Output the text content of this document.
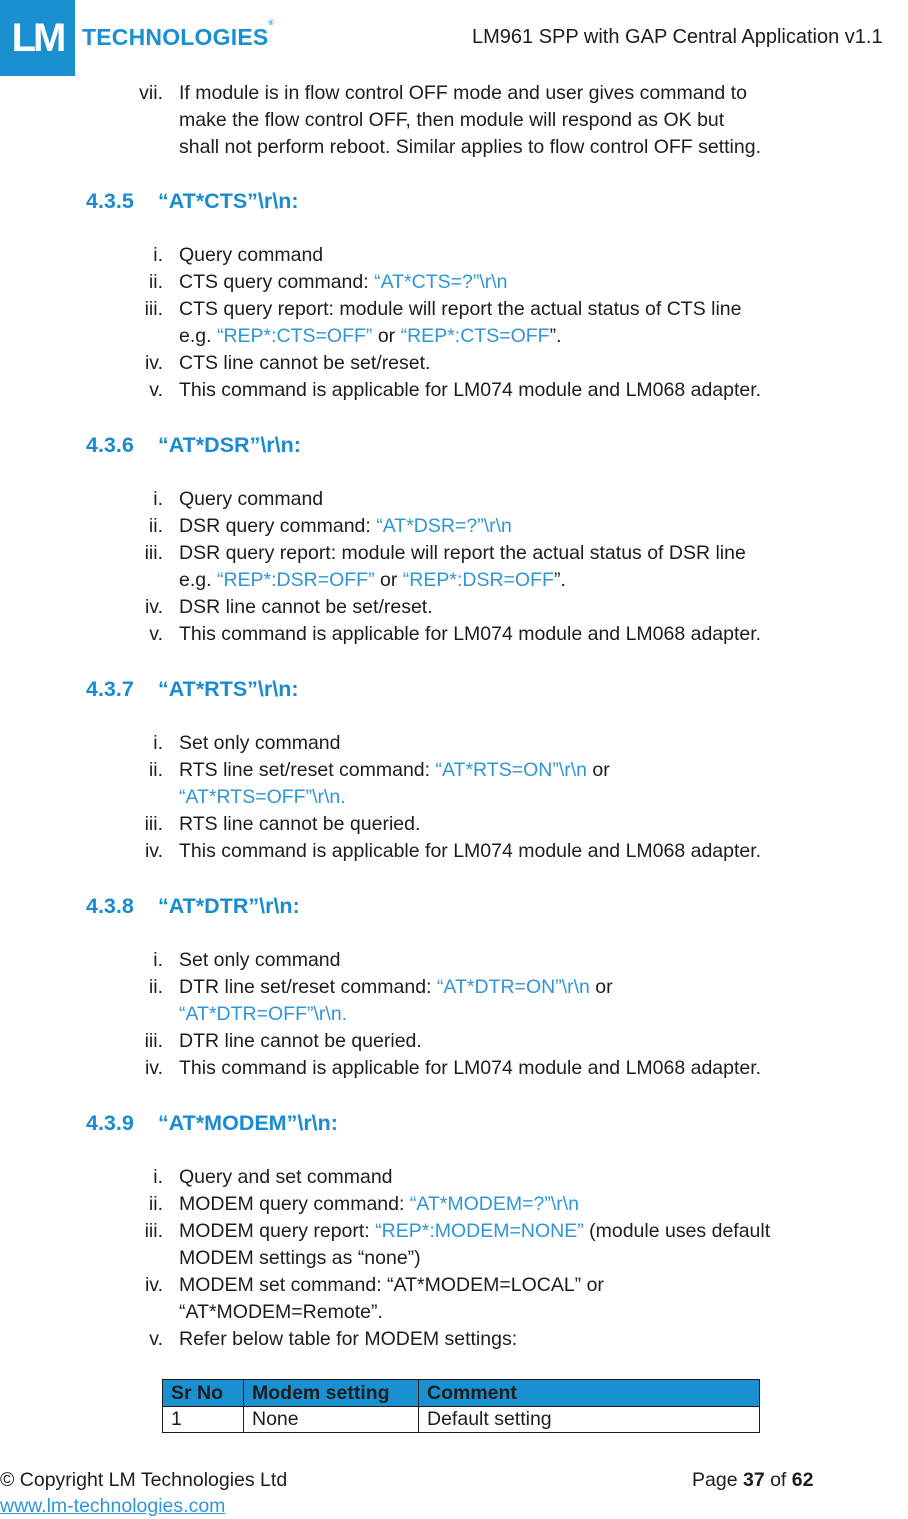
LM TECHNOLOGIES®
LM961 SPP with GAP Central Application v1.1
vii. If module is in flow control OFF mode and user gives command to
make the flow control OFF, then module will respond as OK but
shall not perform reboot. Similar applies to flow control OFF setting.
4.3.5 “AT*CTS”\r\n:
i. Query command
ii. CTS query command: “AT*CTS=?”\r\n
iii. CTS query report: module will report the actual status of CTS line
e.g. “REP*:CTS=OFF” or “REP*:CTS=OFF”.
iv. CTS line cannot be set/reset.
v. This command is applicable for LM074 module and LM068 adapter.
4.3.6 “AT*DSR”\r\n:
i. Query command
ii. DSR query command: “AT*DSR=?”\r\n
iii. DSR query report: module will report the actual status of DSR line
e.g. “REP*:DSR=OFF” or “REP*:DSR=OFF”.
iv. DSR line cannot be set/reset.
v. This command is applicable for LM074 module and LM068 adapter.
4.3.7 “AT*RTS”\r\n:
i. Set only command
ii. RTS line set/reset command: “AT*RTS=ON”\r\n or
“AT*RTS=OFF”\r\n.
iii. RTS line cannot be queried.
iv. This command is applicable for LM074 module and LM068 adapter.
4.3.8 “AT*DTR”\r\n:
i. Set only command
ii. DTR line set/reset command: “AT*DTR=ON”\r\n or
“AT*DTR=OFF”\r\n.
iii. DTR line cannot be queried.
iv. This command is applicable for LM074 module and LM068 adapter.
4.3.9 “AT*MODEM”\r\n:
i. Query and set command
ii. MODEM query command: “AT*MODEM=?”\r\n
iii. MODEM query report: “REP*:MODEM=NONE” (module uses default
MODEM settings as “none”)
iv. MODEM set command: “AT*MODEM=LOCAL” or
“AT*MODEM=Remote”.
v. Refer below table for MODEM settings:
Sr No	Modem setting	Comment
1	None	Default setting
© Copyright LM Technologies Ltd
www.lm-technologies.com
Page 37 of 62
